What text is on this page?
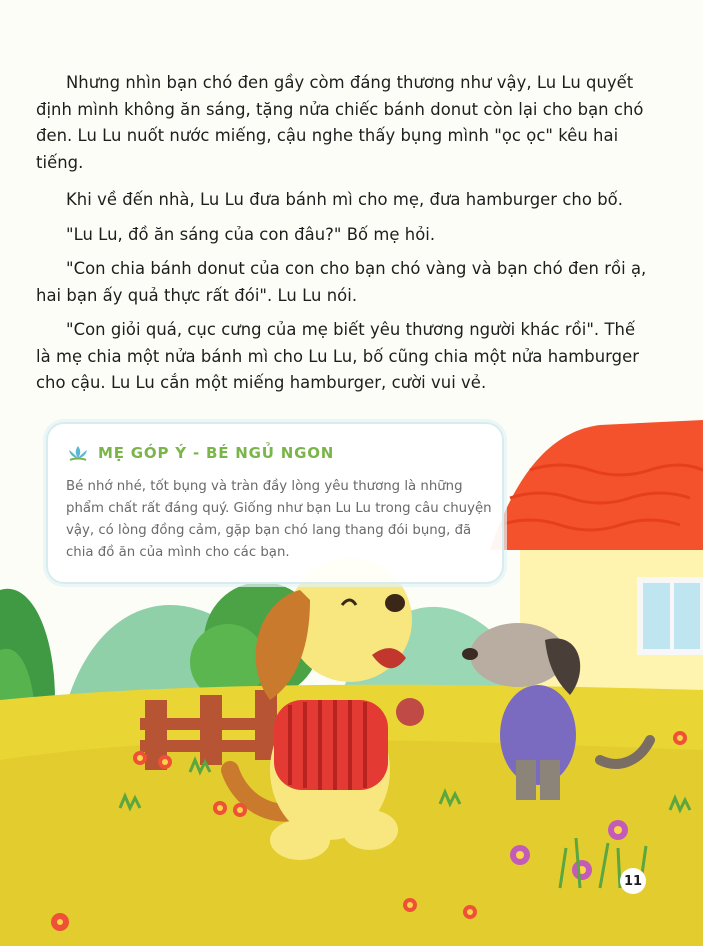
Nhưng nhìn bạn chó đen gầy còm đáng thương như vậy, Lu Lu quyết định mình không ăn sáng, tặng nửa chiếc bánh donut còn lại cho bạn chó đen. Lu Lu nuốt nước miếng, cậu nghe thấy bụng mình "ọc ọc" kêu hai tiếng.

Khi về đến nhà, Lu Lu đưa bánh mì cho mẹ, đưa hamburger cho bố.

"Lu Lu, đồ ăn sáng của con đâu?" Bố mẹ hỏi.

"Con chia bánh donut của con cho bạn chó vàng và bạn chó đen rồi ạ, hai bạn ấy quả thực rất đói". Lu Lu nói.

"Con giỏi quá, cục cưng của mẹ biết yêu thương người khác rồi". Thế là mẹ chia một nửa bánh mì cho Lu Lu, bố cũng chia một nửa hamburger cho cậu. Lu Lu cắn một miếng hamburger, cười vui vẻ.

MẸ GÓP Ý - BÉ NGỦ NGON
Bé nhớ nhé, tốt bụng và tràn đầy lòng yêu thương là những phẩm chất rất đáng quý. Giống như bạn Lu Lu trong câu chuyện vậy, có lòng đồng cảm, gặp bạn chó lang thang đói bụng, đã chia đồ ăn của mình cho các bạn.
11
